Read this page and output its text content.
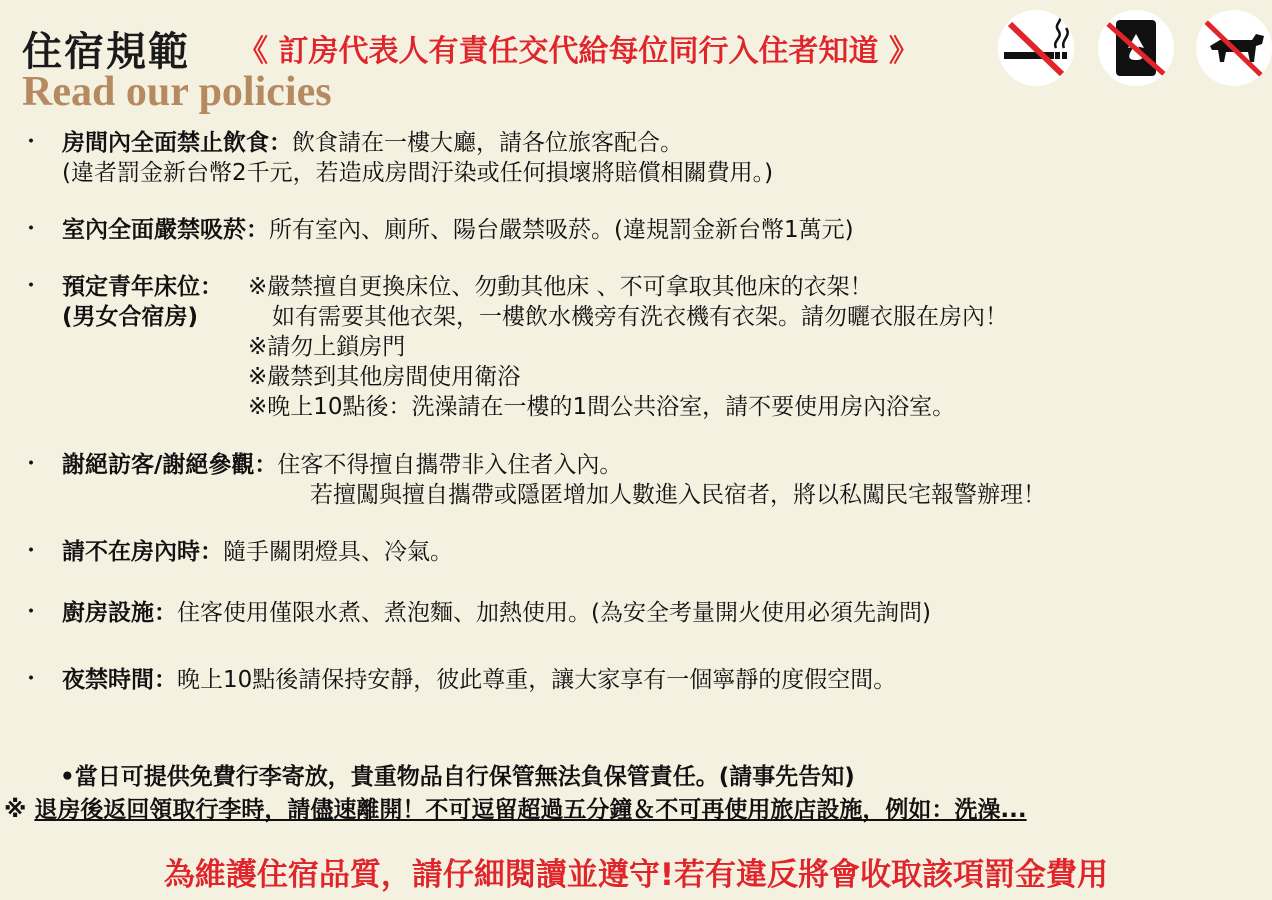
住宿規範 《 訂房代表人有責任交代給每位同行入住者知道 》
Read our policies
・ 房間內全面禁止飲食：飲食請在一樓大廳，請各位旅客配合。
(違者罰金新台幣2千元，若造成房間汙染或任何損壞將賠償相關費用。)
・ 室內全面嚴禁吸菸：所有室內、廁所、陽台嚴禁吸菸。(違規罰金新台幣1萬元)
・ 預定青年床位：
(男女合宿房)
※嚴禁擅自更換床位、勿動其他床 、不可拿取其他床的衣架！
如有需要其他衣架，一樓飲水機旁有洗衣機有衣架。請勿曬衣服在房內！
※請勿上鎖房門
※嚴禁到其他房間使用衛浴
※晚上10點後：洗澡請在一樓的1間公共浴室，請不要使用房內浴室。
・ 謝絕訪客/謝絕參觀：住客不得擅自攜帶非入住者入內。
若擅闖與擅自攜帶或隱匿增加人數進入民宿者，將以私闖民宅報警辦理！
・ 請不在房內時：隨手關閉燈具、冷氣。
・ 廚房設施：住客使用僅限水煮、煮泡麵、加熱使用。(為安全考量開火使用必須先詢問)
・ 夜禁時間：晚上10點後請保持安靜，彼此尊重，讓大家享有一個寧靜的度假空間。
•當日可提供免費行李寄放，貴重物品自行保管無法負保管責任。(請事先告知)
※ 退房後返回領取行李時，請儘速離開！不可逗留超過五分鐘＆不可再使用旅店設施，例如：洗澡...
為維護住宿品質，請仔細閱讀並遵守!若有違反將會收取該項罰金費用
